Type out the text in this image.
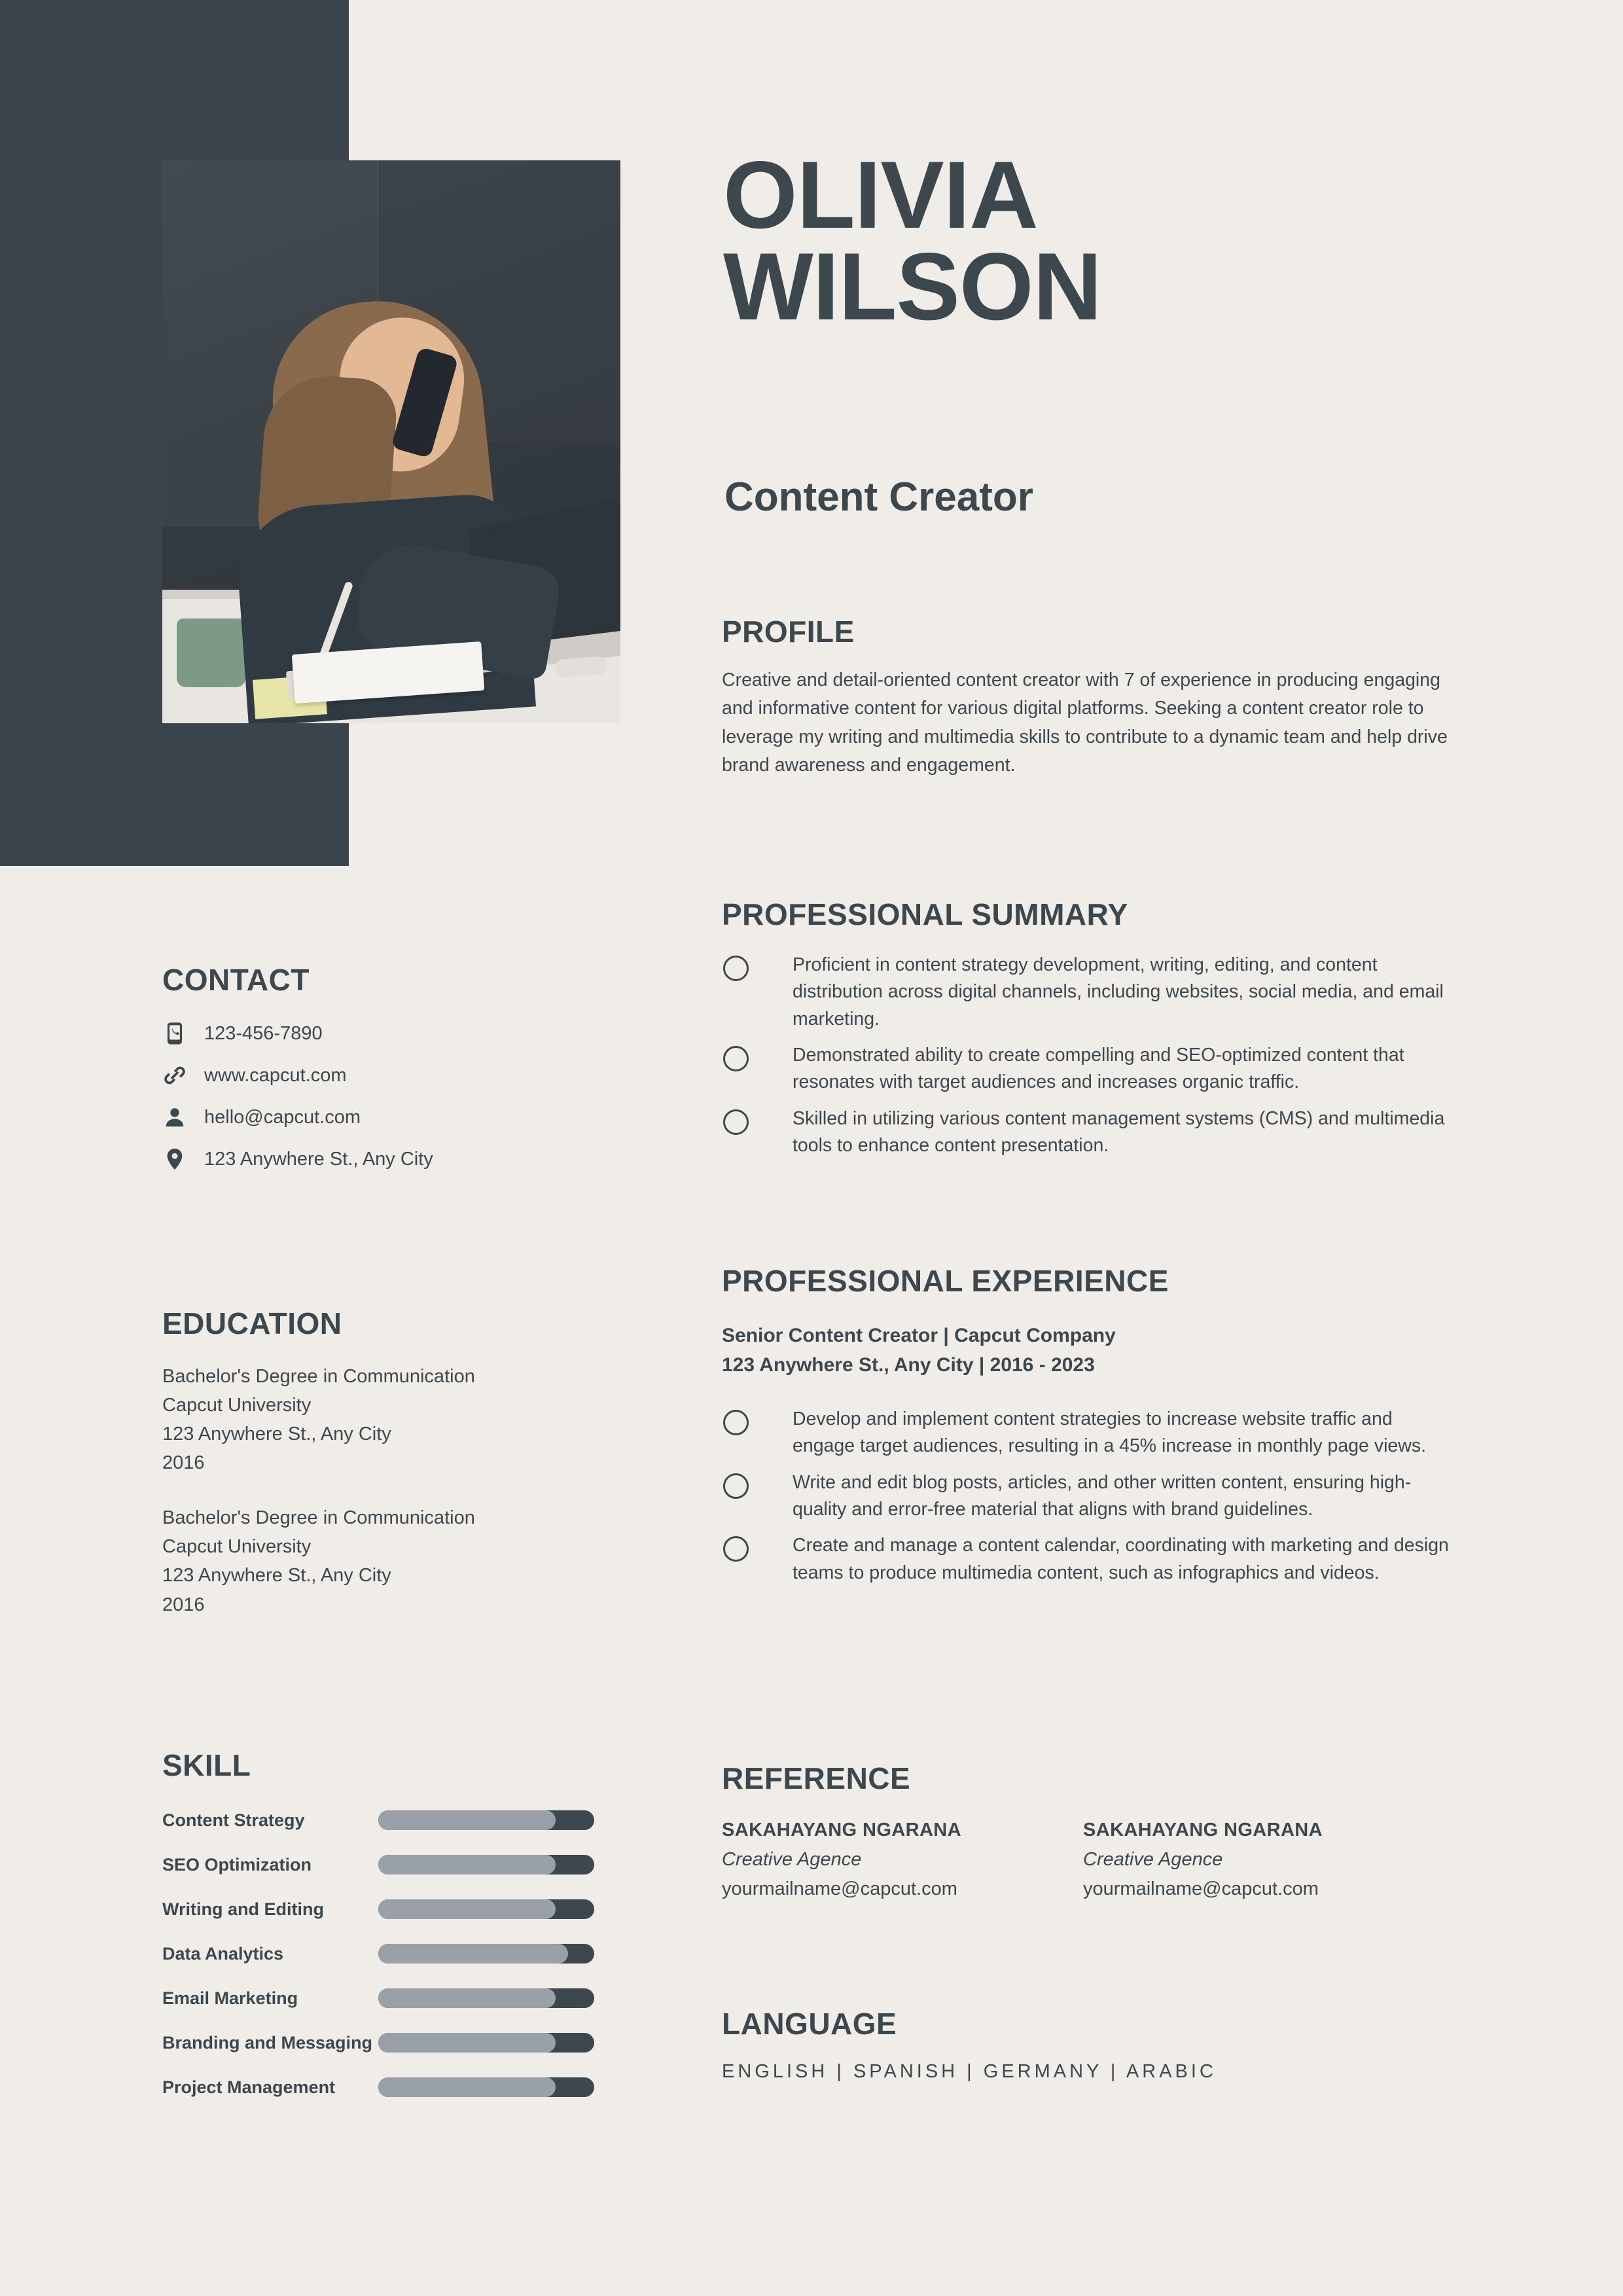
OLIVIA
WILSON
Content Creator
PROFILE

Creative and detail-oriented content creator with 7 of experience in producing engaging and informative content for various digital platforms. Seeking a content creator role to leverage my writing and multimedia skills to contribute to a dynamic team and help drive brand awareness and engagement.

PROFESSIONAL SUMMARY
Proficient in content strategy development, writing, editing, and content distribution across digital channels, including websites, social media, and email marketing.
Demonstrated ability to create compelling and SEO-optimized content that resonates with target audiences and increases organic traffic.
Skilled in utilizing various content management systems (CMS) and multimedia tools to enhance content presentation.
PROFESSIONAL EXPERIENCE
Senior Content Creator | Capcut Company
123 Anywhere St., Any City | 2016 - 2023
Develop and implement content strategies to increase website traffic and engage target audiences, resulting in a 45% increase in monthly page views.
Write and edit blog posts, articles, and other written content, ensuring high-quality and error-free material that aligns with brand guidelines.
Create and manage a content calendar, coordinating with marketing and design teams to produce multimedia content, such as infographics and videos.
CONTACT
123-456-7890
www.capcut.com
hello@capcut.com
123 Anywhere St., Any City
EDUCATION
Bachelor's Degree in Communication
Capcut University
123 Anywhere St., Any City
2016
Bachelor's Degree in Communication
Capcut University
123 Anywhere St., Any City
2016
SKILL
Content Strategy
SEO Optimization
Writing and Editing
Data Analytics
Email Marketing
Branding and Messaging
Project Management
REFERENCE
SAKAHAYANG NGARANA
Creative Agence
yourmailname@capcut.com
SAKAHAYANG NGARANA
Creative Agence
yourmailname@capcut.com
LANGUAGE
ENGLISH | SPANISH | GERMANY | ARABIC
